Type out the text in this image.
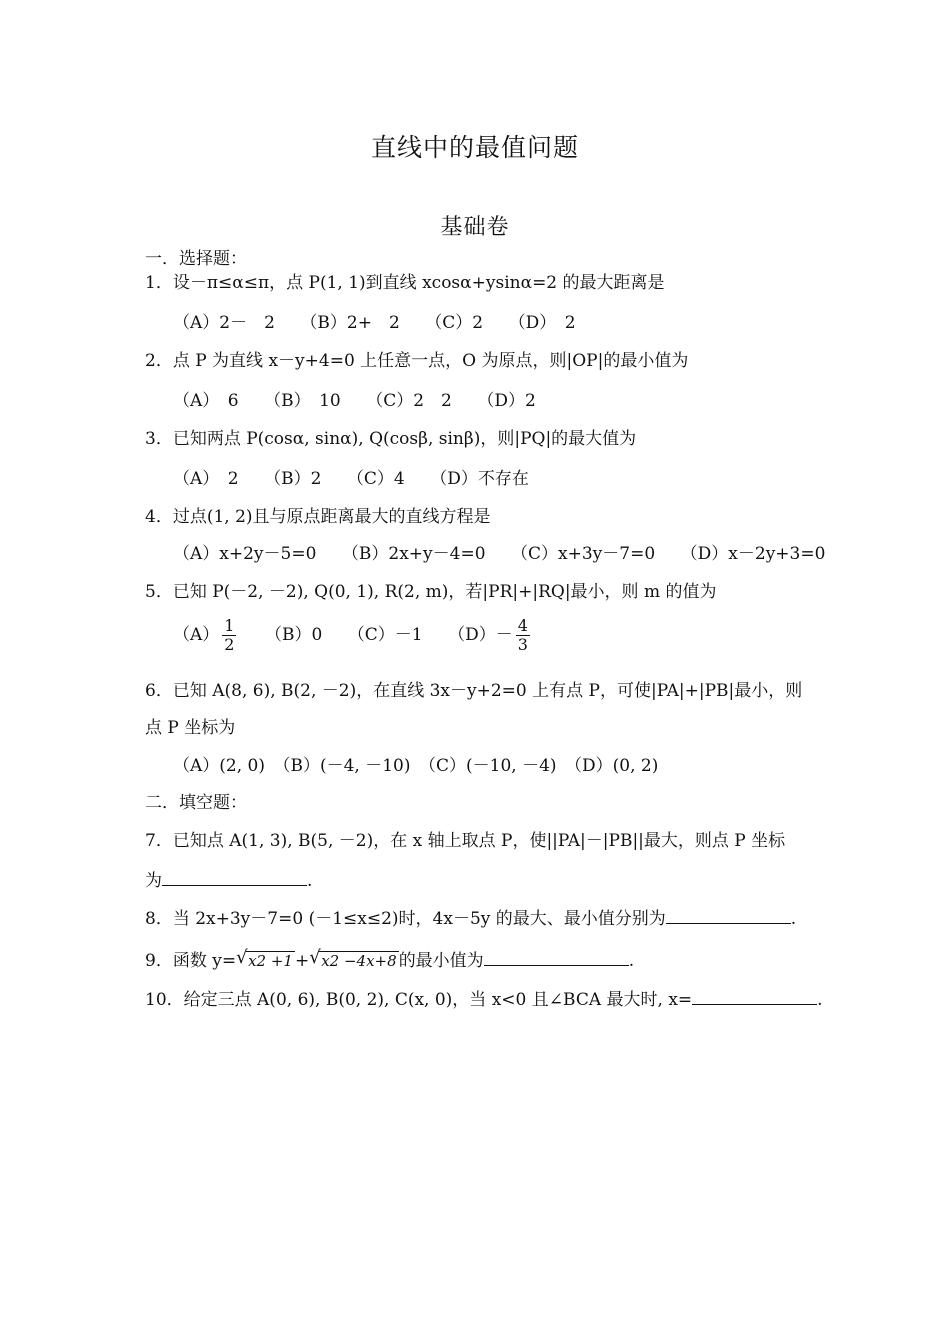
直线中的最值问题
基础卷
一．选择题：
1．设－π≤α≤π，点 P(1, 1)到直线 xcosα+ysinα=2 的最大距离是
（A）2－　2　　（B）2+　2　　（C）2　　（D）　2
2．点 P 为直线 x－y+4=0 上任意一点，O 为原点，则|OP|的最小值为
（A）　6　　（B）　10　　（C）2　2　　（D）2
3．已知两点 P(cosα, sinα), Q(cosβ, sinβ)，则|PQ|的最大值为
（A）　2　　（B）2　　（C）4　　（D）不存在
4．过点(1, 2)且与原点距离最大的直线方程是
（A）x+2y－5=0　　（B）2x+y－4=0　　（C）x+3y－7=0　　（D）x－2y+3=0
5．已知 P(－2, －2), Q(0, 1), R(2, m)，若|PR|+|RQ|最小，则 m 的值为
$(A) \frac{1}{2}$
　　 （B）0　　（C）－1　　$(D)- \frac{4}{3}$
6．已知 A(8, 6), B(2, －2)，在直线 3x－y+2=0 上有点 P，可使|PA|+|PB|最小，则
点 P 坐标为
（A）(2, 0)　（B）(－4, －10)　（C）(－10, －4)　（D）(0, 2)
二．填空题：
7．已知点 A(1, 3), B(5, －2)，在 x 轴上取点 P，使||PA|－|PB||最大，则点 P 坐标
为	.
8．当 2x+3y－7=0 (－1≤x≤2)时，4x－5y 的最大、最小值分别为	.
9．函数 y= √ x2 +1 + √ x2 −4x+8 的最小值为	.
10．给定三点 A(0, 6), B(0, 2), C(x, 0)，当 x<0 且∠BCA 最大时, x=	.
